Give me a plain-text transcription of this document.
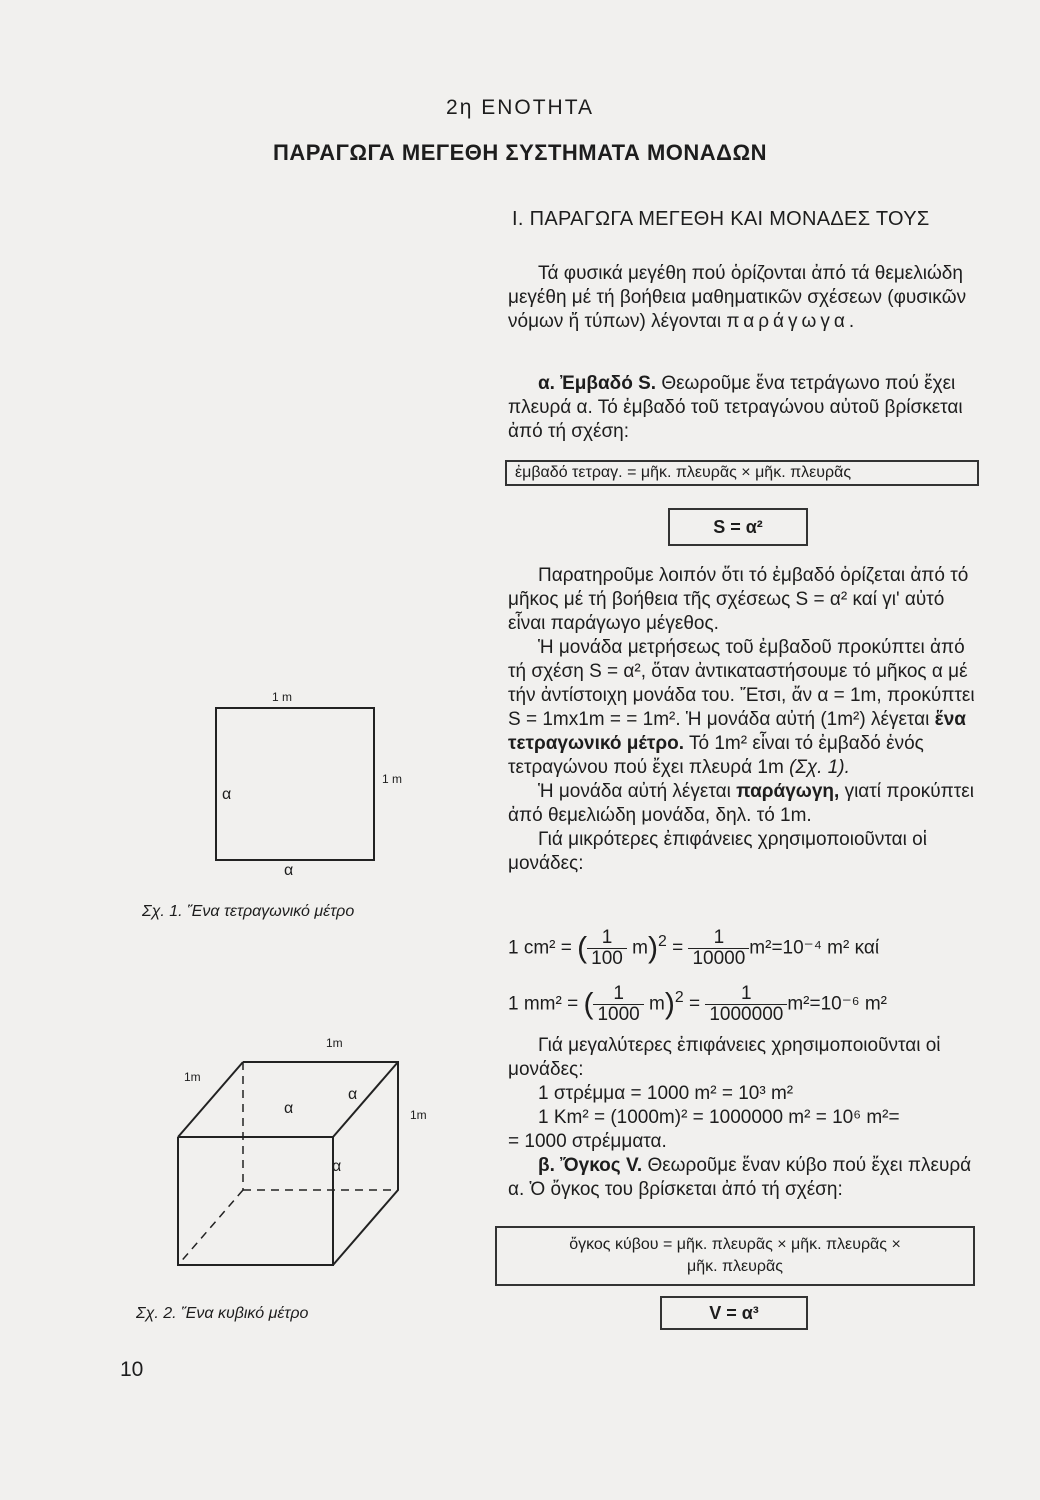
2η ΕΝΟΤΗΤΑ
ΠΑΡΑΓΩΓΑ ΜΕΓΕΘΗ ΣΥΣΤΗΜΑΤΑ ΜΟΝΑΔΩΝ
Ι. ΠΑΡΑΓΩΓΑ ΜΕΓΕΘΗ ΚΑΙ ΜΟΝΑΔΕΣ ΤΟΥΣ

Τά φυσικά μεγέθη πού ὁρίζονται ἀπό τά θεμελιώδη μεγέθη μέ τή βοήθεια μαθηματικῶν σχέσεων (φυσικῶν νόμων ἤ τύπων) λέγονται παράγωγα.

α. Ἐμβαδό S. Θεωροῦμε ἕνα τετράγωνο πού ἔχει πλευρά α. Τό ἐμβαδό τοῦ τετραγώνου αὐτοῦ βρίσκεται ἀπό τή σχέση:

ἐμβαδό τετραγ. = μῆκ. πλευρᾶς × μῆκ. πλευρᾶς
S = α²

Παρατηροῦμε λοιπόν ὅτι τό ἐμβαδό ὁρίζεται ἀπό τό μῆκος μέ τή βοήθεια τῆς σχέσεως S = α² καί γι' αὐτό εἶναι παράγωγο μέγεθος.

Ἡ μονάδα μετρήσεως τοῦ ἐμβαδοῦ προκύπτει ἀπό τή σχέση S = α², ὅταν ἀντικαταστήσουμε τό μῆκος α μέ τήν ἀντίστοιχη μονάδα του. Ἔτσι, ἄν α = 1m, προκύπτει S = 1mx1m = = 1m². Ἡ μονάδα αὐτή (1m²) λέγεται ἕνα τετραγωνικό μέτρο. Τό 1m² εἶναι τό ἐμβαδό ἑνός τετραγώνου πού ἔχει πλευρά 1m (Σχ. 1).

Ἡ μονάδα αὐτή λέγεται παράγωγη, γιατί προκύπτει ἀπό θεμελιώδη μονάδα, δηλ. τό 1m.

Γιά μικρότερες ἐπιφάνειες χρησιμοποιοῦνται οἱ μονάδες:

1 cm² = ( $\frac{1}{100} m)^2 = \frac{1}{10000} m^2=10^{-4}$ m² καί
1 mm² = ( $\frac{1}{1000} m)^2 = \frac{1}{1000000} m^2=10^{-6}$ m²

Γιά μεγαλύτερες ἐπιφάνειες χρησιμοποιοῦνται οἱ μονάδες:

1 στρέμμα = 1000 m² = 10³ m²

1 Km² = (1000m)² = 1000000 m² = 10⁶ m²=

= 1000 στρέμματα.

β. Ὄγκος V. Θεωροῦμε ἕναν κύβο πού ἔχει πλευρά α. Ὁ ὄγκος του βρίσκεται ἀπό τή σχέση:

ὄγκος κύβου = μῆκ. πλευρᾶς × μῆκ. πλευρᾶς ×
μῆκ. πλευρᾶς
V = α³
1 m
1 m
α
α
Σχ. 1. Ἕνα τετραγωνικό μέτρο
1m
1m
1m
α
α
α
Σχ. 2. Ἕνα κυβικό μέτρο
10
